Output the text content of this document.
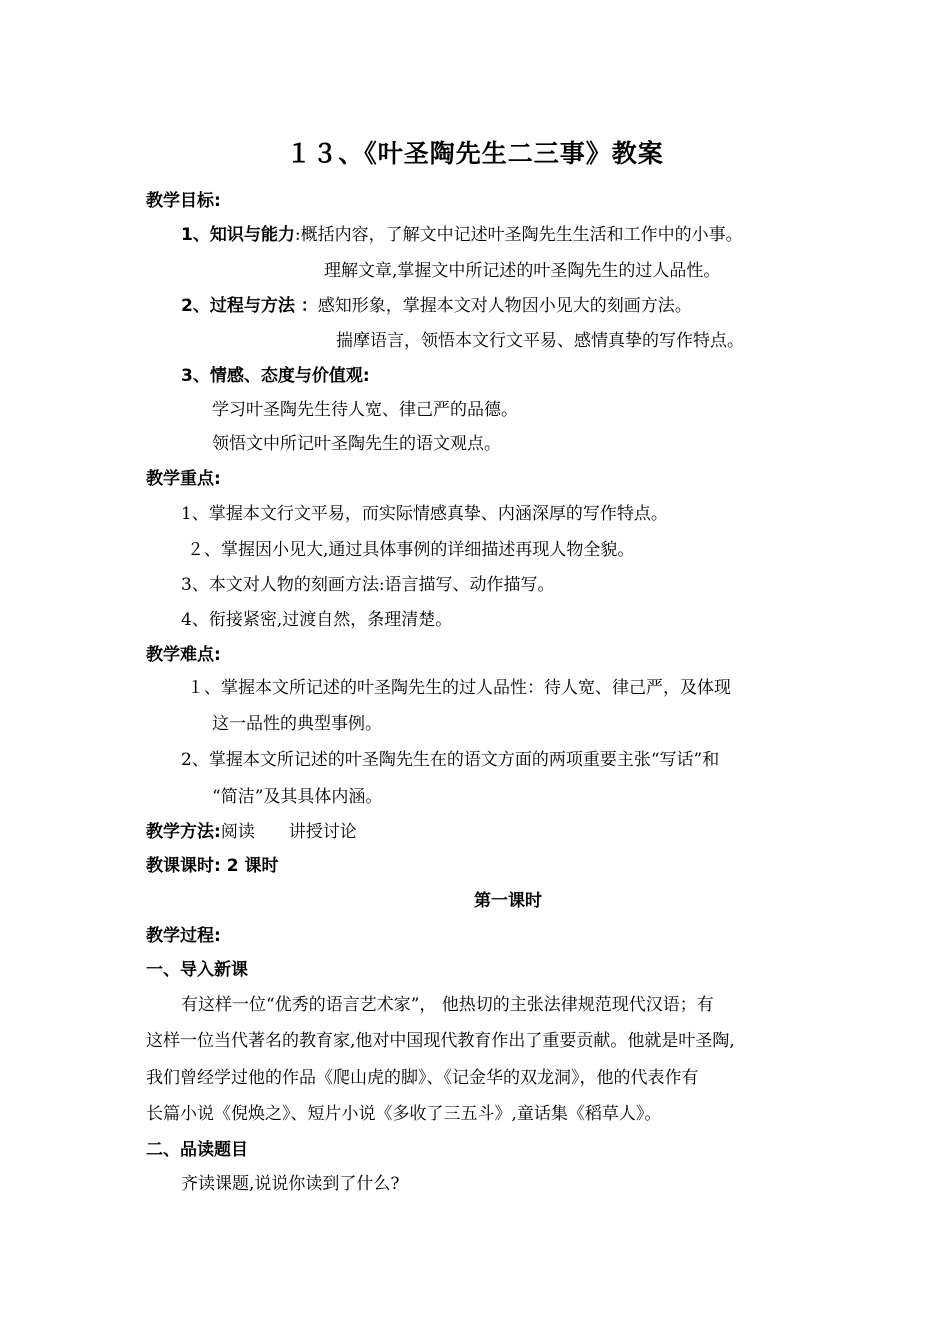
１３、《叶圣陶先生二三事》教案
教学目标:
1、知识与能力:概括内容，了解文中记述叶圣陶先生生活和工作中的小事。
理解文章,掌握文中所记述的叶圣陶先生的过人品性。
2、过程与方法 ：感知形象，掌握本文对人物因小见大的刻画方法。
揣摩语言，领悟本文行文平易、感情真挚的写作特点。
3、情感、态度与价值观:
学习叶圣陶先生待人宽、律己严的品德。
领悟文中所记叶圣陶先生的语文观点。
教学重点:
1、掌握本文行文平易，而实际情感真挚、内涵深厚的写作特点。
２、掌握因小见大,通过具体事例的详细描述再现人物全貌。
3、本文对人物的刻画方法:语言描写、动作描写。
4、衔接紧密,过渡自然，条理清楚。
教学难点:
１、掌握本文所记述的叶圣陶先生的过人品性：待人宽、律己严，及体现
这一品性的典型事例。
2、掌握本文所记述的叶圣陶先生在的语文方面的两项重要主张“写话”和
“简洁”及其具体内涵。
教学方法:阅读　　讲授讨论
教课课时: 2 课时
第一课时
教学过程:
一、导入新课
有这样一位“优秀的语言艺术家”， 他热切的主张法律规范现代汉语；有
这样一位当代著名的教育家,他对中国现代教育作出了重要贡献。他就是叶圣陶,
我们曾经学过他的作品《爬山虎的脚》、《记金华的双龙洞》，他的代表作有
长篇小说《倪焕之》、短片小说《多收了三五斗》,童话集《稻草人》。
二、品读题目
齐读课题,说说你读到了什么?
